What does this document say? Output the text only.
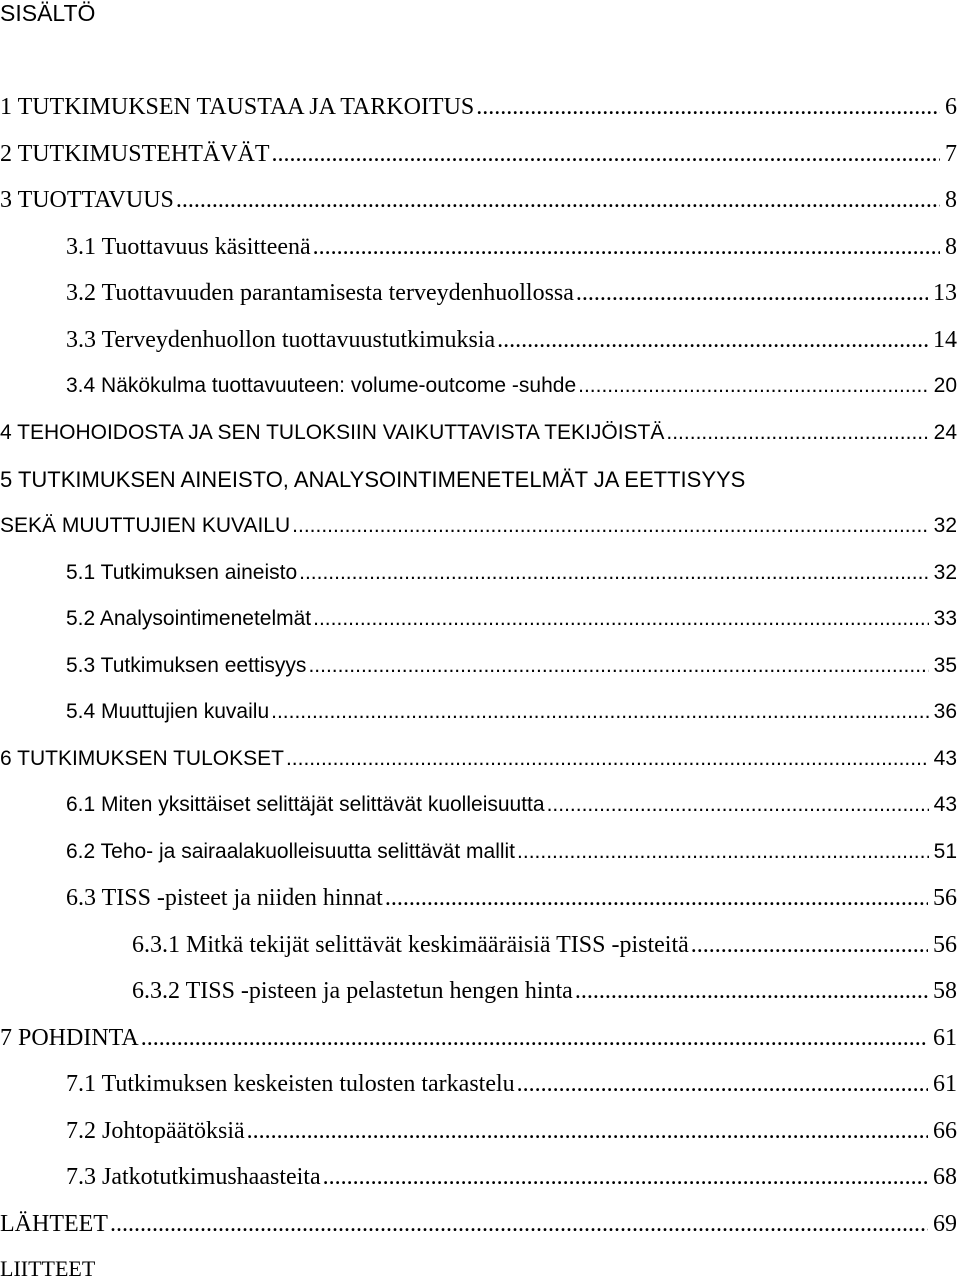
SISÄLTÖ
1 TUTKIMUKSEN TAUSTAA JA TARKOITUS .....	6
2 TUTKIMUSTEHTÄVÄT .....	7
3 TUOTTAVUUS .....	8
3.1 Tuottavuus käsitteenä .....	8
3.2 Tuottavuuden parantamisesta terveydenhuollossa .....	13
3.3 Terveydenhuollon tuottavuustutkimuksia .....	14
3.4 Näkökulma tuottavuuteen: volume-outcome -suhde .....	20
4 TEHOHOIDOSTA JA SEN TULOKSIIN VAIKUTTAVISTA TEKIJÖISTÄ .....	24
5 TUTKIMUKSEN AINEISTO, ANALYSOINTIMENETELMÄT JA EETTISYYS
SEKÄ MUUTTUJIEN KUVAILU .....	32
5.1 Tutkimuksen aineisto .....	32
5.2 Analysointimenetelmät .....	33
5.3 Tutkimuksen eettisyys .....	35
5.4 Muuttujien kuvailu .....	36
6 TUTKIMUKSEN TULOKSET .....	43
6.1 Miten yksittäiset selittäjät selittävät kuolleisuutta .....	43
6.2 Teho- ja sairaalakuolleisuutta selittävät mallit .....	51
6.3 TISS -pisteet ja niiden hinnat .....	56
6.3.1 Mitkä tekijät selittävät keskimääräisiä TISS -pisteitä .....	56
6.3.2 TISS -pisteen ja pelastetun hengen hinta .....	58
7 POHDINTA .....	61
7.1 Tutkimuksen keskeisten tulosten tarkastelu .....	61
7.2 Johtopäätöksiä .....	66
7.3 Jatkotutkimushaasteita .....	68
LÄHTEET .....	69
LIITTEET
